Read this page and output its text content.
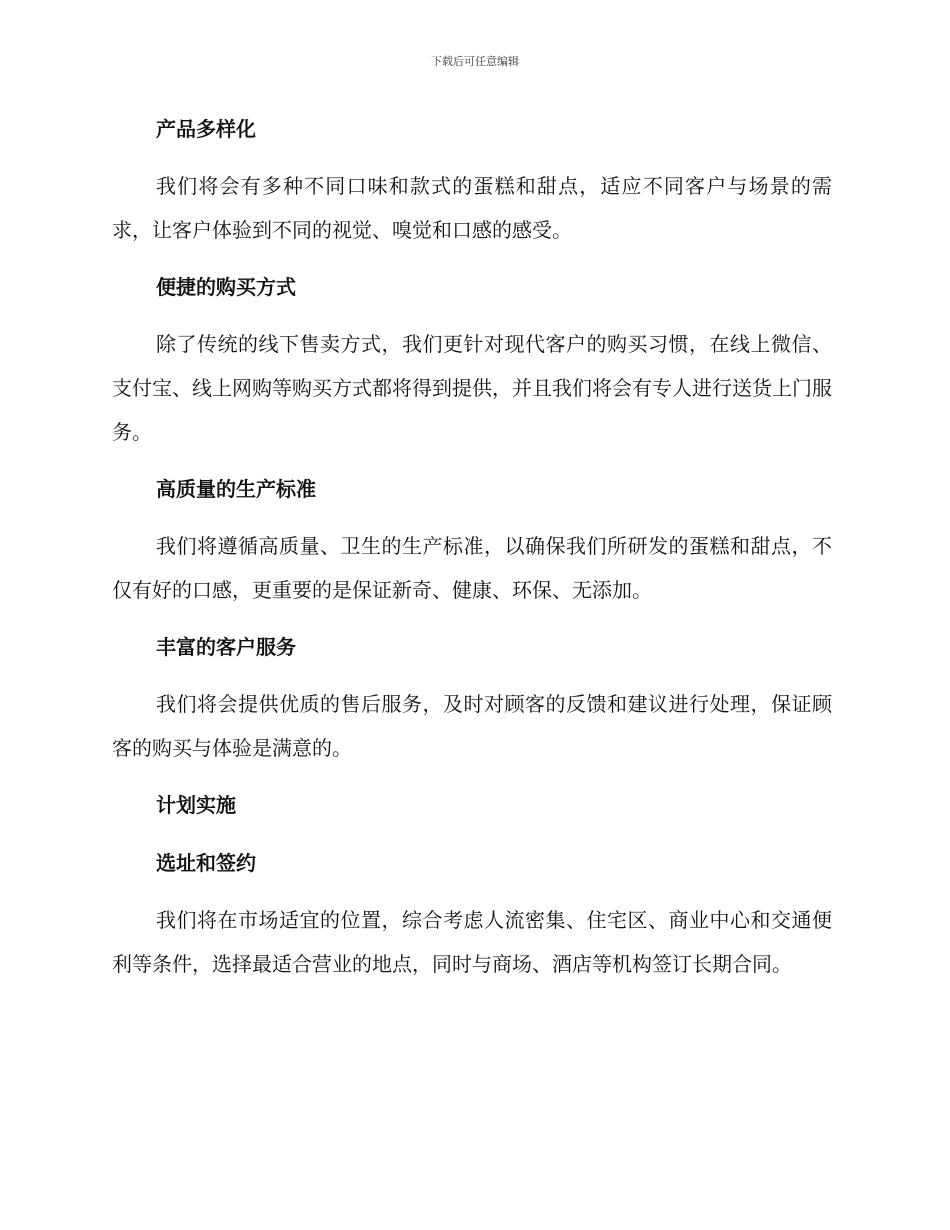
下载后可任意编辑
产品多样化

我们将会有多种不同口味和款式的蛋糕和甜点，适应不同客户与场景的需求，让客户体验到不同的视觉、嗅觉和口感的感受。

便捷的购买方式

除了传统的线下售卖方式，我们更针对现代客户的购买习惯，在线上微信、支付宝、线上网购等购买方式都将得到提供，并且我们将会有专人进行送货上门服务。

高质量的生产标准

我们将遵循高质量、卫生的生产标准，以确保我们所研发的蛋糕和甜点，不仅有好的口感，更重要的是保证新奇、健康、环保、无添加。

丰富的客户服务

我们将会提供优质的售后服务，及时对顾客的反馈和建议进行处理，保证顾客的购买与体验是满意的。

计划实施
选址和签约

我们将在市场适宜的位置，综合考虑人流密集、住宅区、商业中心和交通便利等条件，选择最适合营业的地点，同时与商场、酒店等机构签订长期合同。
